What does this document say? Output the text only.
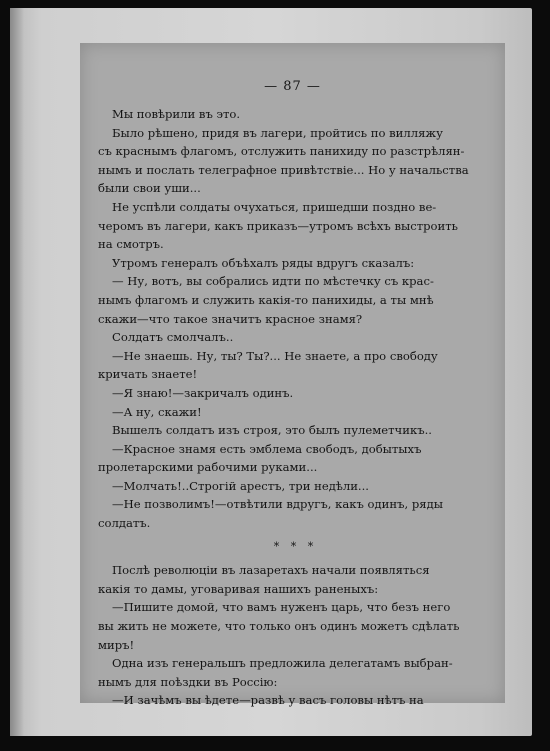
— 87 —
Мы повѣрили въ это.
Было рѣшено, придя въ лагери, пройтись по вилляжу
съ краснымъ флагомъ, отслужить панихиду по разстрѣлян-
нымъ и послать телеграфное привѣтствіе... Но у начальства
были свои уши...
Не успѣли солдаты очухаться, пришедши поздно ве-
черомъ въ лагери, какъ приказъ—утромъ всѣхъ выстроить
на смотръ.
Утромъ генералъ объѣхалъ ряды вдругъ сказалъ:
— Ну, вотъ, вы собрались идти по мѣстечку съ крас-
нымъ флагомъ и служить какія-то панихиды, а ты мнѣ
скажи—что такое значитъ красное знамя?
Солдатъ смолчалъ..
—Не знаешь. Ну, ты? Ты?... Не знаете, а про свободу
кричать знаете!
—Я знаю!—закричалъ одинъ.
—А ну, скажи!
Вышелъ солдатъ изъ строя, это былъ пулеметчикъ..
—Красное знамя есть эмблема свободъ, добытыхъ
пролетарскими рабочими руками...
—Молчать!..Строгій арестъ, три недѣли...
—Не позволимъ!—отвѣтили вдругъ, какъ одинъ, ряды
солдатъ.
* * *
Послѣ революціи въ лазаретахъ начали появляться
какія то дамы, уговаривая нашихъ раненыхъ:
—Пишите домой, что вамъ нуженъ царь, что безъ него
вы жить не можете, что только онъ одинъ можетъ сдѣлать
миръ!
Одна изъ генеральшъ предложила делегатамъ выбран-
нымъ для поѣздки въ Россію:
—И зачѣмъ вы ѣдете—развѣ у васъ головы нѣтъ на
